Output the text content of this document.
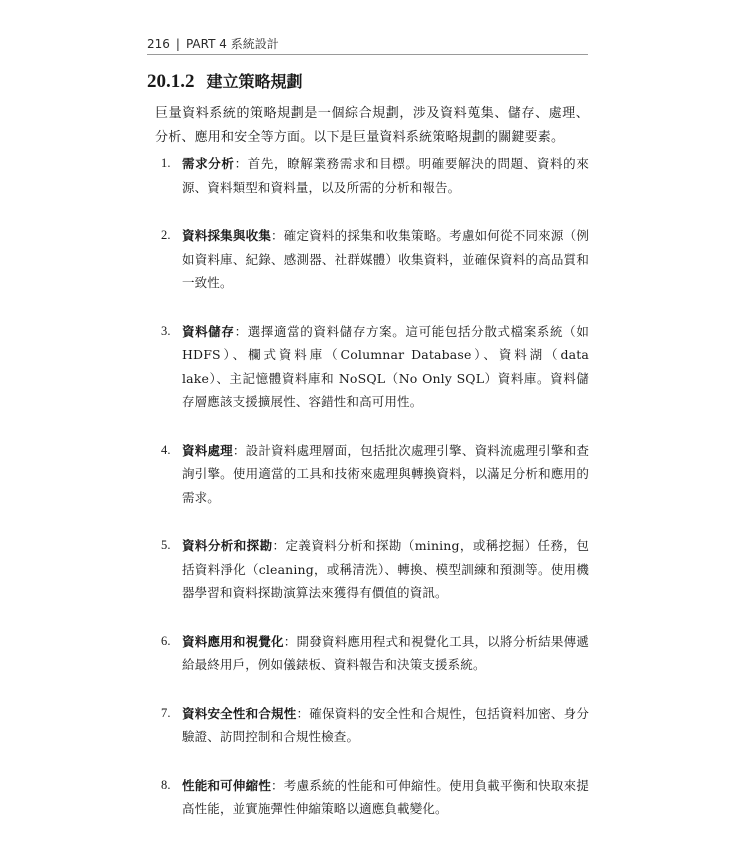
216 | PART 4 系統設計
20.1.2 建立策略規劃

巨量資料系統的策略規劃是一個綜合規劃，涉及資料蒐集、儲存、處理、分析、應用和安全等方面。以下是巨量資料系統策略規劃的關鍵要素。

1. 需求分析：首先，瞭解業務需求和目標。明確要解決的問題、資料的來源、資料類型和資料量，以及所需的分析和報告。
2. 資料採集與收集：確定資料的採集和收集策略。考慮如何從不同來源（例如資料庫、紀錄、感測器、社群媒體）收集資料，並確保資料的高品質和一致性。
3. 資料儲存：選擇適當的資料儲存方案。這可能包括分散式檔案系統（如 HDFS）、欄式資料庫（Columnar Database）、資料湖（data lake）、主記憶體資料庫和 NoSQL（No Only SQL）資料庫。資料儲存層應該支援擴展性、容錯性和高可用性。
4. 資料處理：設計資料處理層面，包括批次處理引擎、資料流處理引擎和查詢引擎。使用適當的工具和技術來處理與轉換資料，以滿足分析和應用的需求。
5. 資料分析和探勘：定義資料分析和探勘（mining，或稱挖掘）任務，包括資料淨化（cleaning，或稱清洗）、轉換、模型訓練和預測等。使用機器學習和資料探勘演算法來獲得有價值的資訊。
6. 資料應用和視覺化：開發資料應用程式和視覺化工具，以將分析結果傳遞給最終用戶，例如儀錶板、資料報告和決策支援系統。
7. 資料安全性和合規性：確保資料的安全性和合規性，包括資料加密、身分驗證、訪問控制和合規性檢查。
8. 性能和可伸縮性：考慮系統的性能和可伸縮性。使用負載平衡和快取來提高性能，並實施彈性伸縮策略以適應負載變化。
